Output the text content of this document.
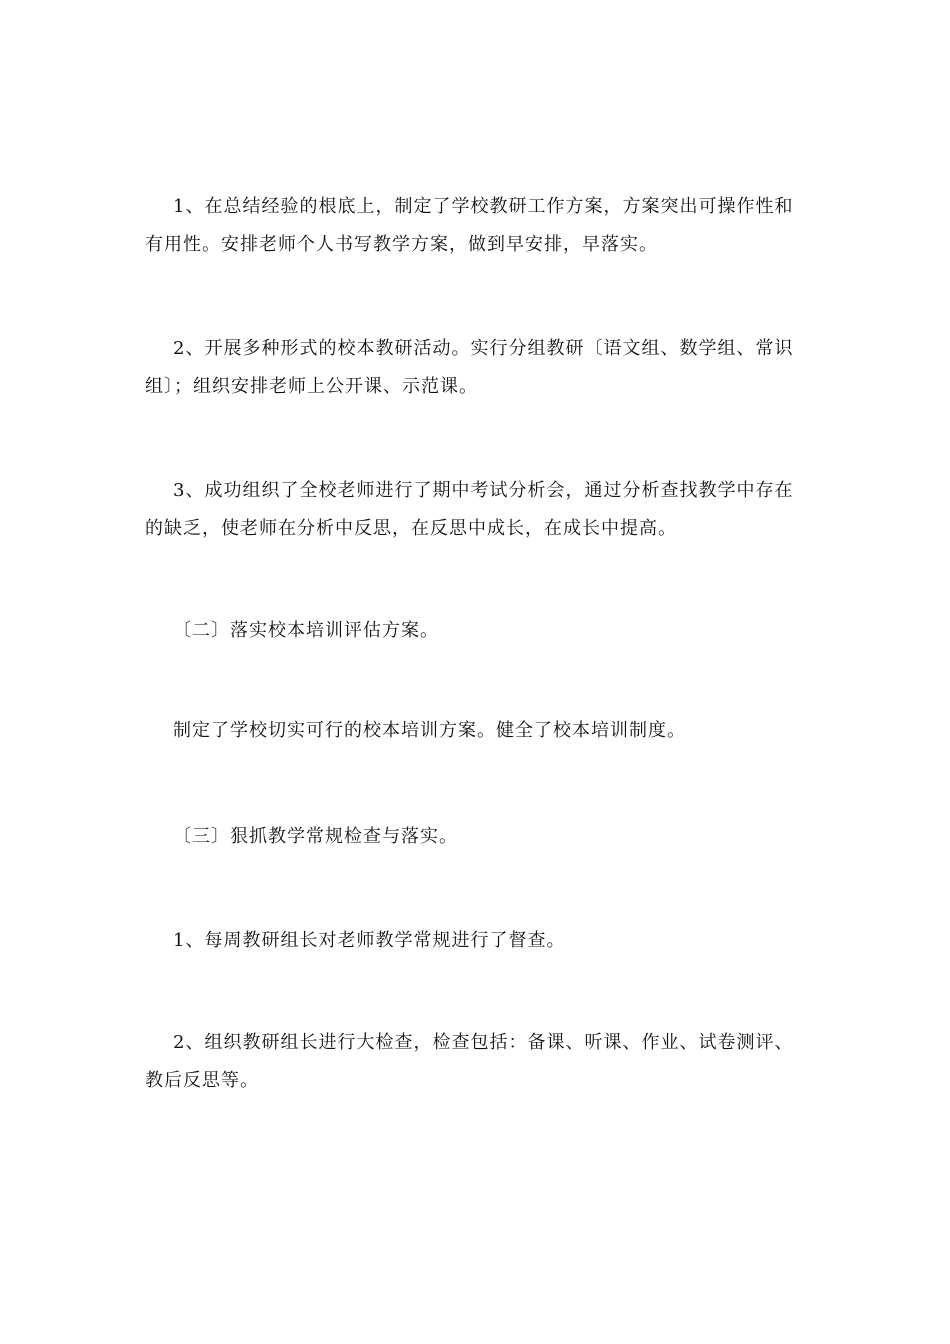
1、在总结经验的根底上，制定了学校教研工作方案，方案突出可操作性和有用性。安排老师个人书写教学方案，做到早安排，早落实。

2、开展多种形式的校本教研活动。实行分组教研〔语文组、数学组、常识组〕；组织安排老师上公开课、示范课。

3、成功组织了全校老师进行了期中考试分析会，通过分析查找教学中存在的缺乏，使老师在分析中反思，在反思中成长，在成长中提高。

〔二〕落实校本培训评估方案。

制定了学校切实可行的校本培训方案。健全了校本培训制度。

〔三〕狠抓教学常规检查与落实。

1、每周教研组长对老师教学常规进行了督查。

2、组织教研组长进行大检查，检查包括：备课、听课、作业、试卷测评、教后反思等。
